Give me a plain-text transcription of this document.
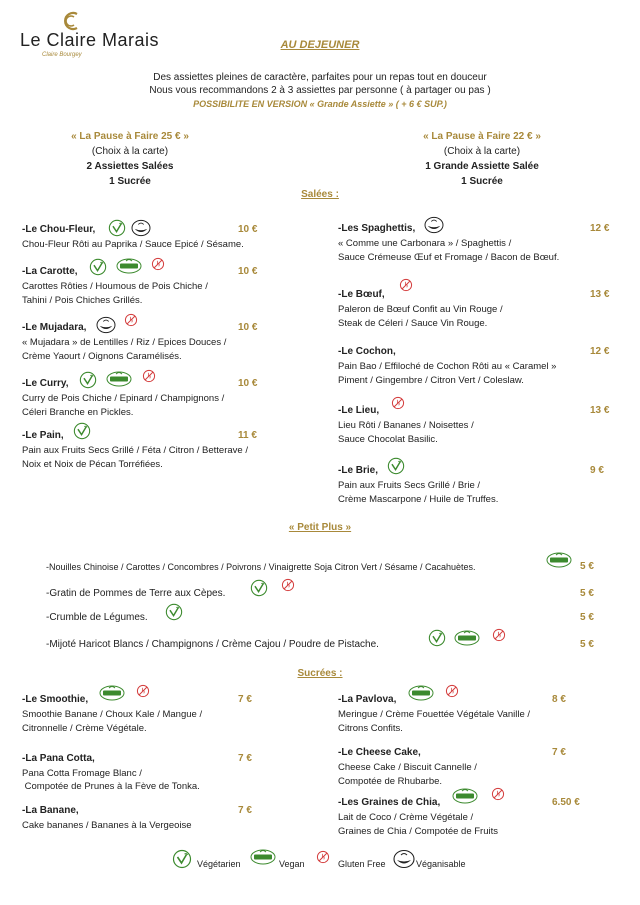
Le Claire Marais
Claire Bourgey
AU DEJEUNER
Des assiettes pleines de caractère, parfaites pour un repas tout en douceur
Nous vous recommandons 2 à 3 assiettes par personne ( à partager ou pas )
POSSIBILITE EN VERSION « Grande Assiette » ( + 6 € SUP.)
« La Pause à Faire 25 € »
(Choix à la carte)
2 Assiettes Salées
1 Sucrée
« La Pause à Faire 22 € »
(Choix à la carte)
1 Grande Assiette Salée
1 Sucrée
Salées :
-Le Chou-Fleur,	10 €
Chou-Fleur Rôti au Paprika / Sauce Epicé / Sésame.
-La Carotte,	10 €
Carottes Rôties / Houmous de Pois Chiche /
Tahini / Pois Chiches Grillés.
-Le Mujadara,	10 €
« Mujadara » de Lentilles / Riz / Epices Douces /
Crème Yaourt / Oignons Caramélisés.
-Le Curry,	10 €
Curry de Pois Chiche / Epinard / Champignons /
Céleri Branche en Pickles.
-Le Pain,	11 €
Pain aux Fruits Secs Grillé / Féta / Citron / Betterave /
Noix et Noix de Pécan Torréfiées.
-Les Spaghettis,	12 €
« Comme une Carbonara » / Spaghettis /
Sauce Crémeuse Œuf et Fromage / Bacon de Bœuf.
-Le Bœuf,	13 €
Paleron de Bœuf Confit au Vin Rouge /
Steak de Céleri / Sauce Vin Rouge.
-Le Cochon,	12 €
Pain Bao / Effiloché de Cochon Rôti au « Caramel »
Piment / Gingembre / Citron Vert / Coleslaw.
-Le Lieu,	13 €
Lieu Rôti / Bananes / Noisettes /
Sauce Chocolat Basilic.
-Le Brie,	9 €
Pain aux Fruits Secs Grillé / Brie /
Crème Mascarpone / Huile de Truffes.
« Petit Plus »
-Nouilles Chinoise / Carottes / Concombres / Poivrons / Vinaigrette Soja Citron Vert / Sésame / Cacahuètes.	5 €
-Gratin de Pommes de Terre aux Cèpes.	5 €
-Crumble de Légumes.	5 €
-Mijoté Haricot Blancs / Champignons / Crème Cajou / Poudre de Pistache.	5 €
Sucrées :
-Le Smoothie,	7 €
Smoothie Banane / Choux Kale / Mangue /
Citronnelle / Crème Végétale.
-La Pana Cotta,	7 €
Pana Cotta Fromage Blanc /
Compotée de Prunes à la Fève de Tonka.
-La Banane,	7 €
Cake bananes / Bananes à la Vergeoise
-La Pavlova,	8 €
Meringue / Crème Fouettée Végétale Vanille /
Citrons Confits.
-Le Cheese Cake,	7 €
Cheese Cake / Biscuit Cannelle /
Compotée de Rhubarbe.
-Les Graines de Chia,	6.50 €
Lait de Coco / Crème Végétale /
Graines de Chia / Compotée de Fruits
Végétarien	Vegan	Gluten Free	Véganisable
